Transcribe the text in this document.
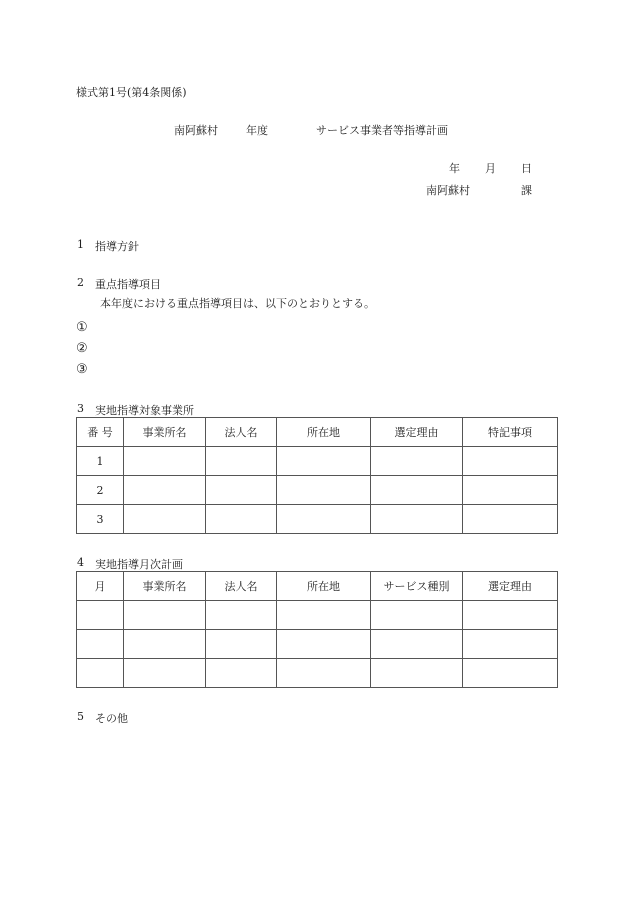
様式第1号(第4条関係)
南阿蘇村	年度	サービス事業者等指導計画
年 月 日
南阿蘇村	課
1 指導方針
2 重点指導項目
本年度における重点指導項目は、以下のとおりとする。
①
②
③
3 実地指導対象事業所
番 号	事業所名	法人名	所在地	選定理由	特記事項
1					
2					
3					
4 実地指導月次計画
月	事業所名	法人名	所在地	サービス種別	選定理由

5 その他
